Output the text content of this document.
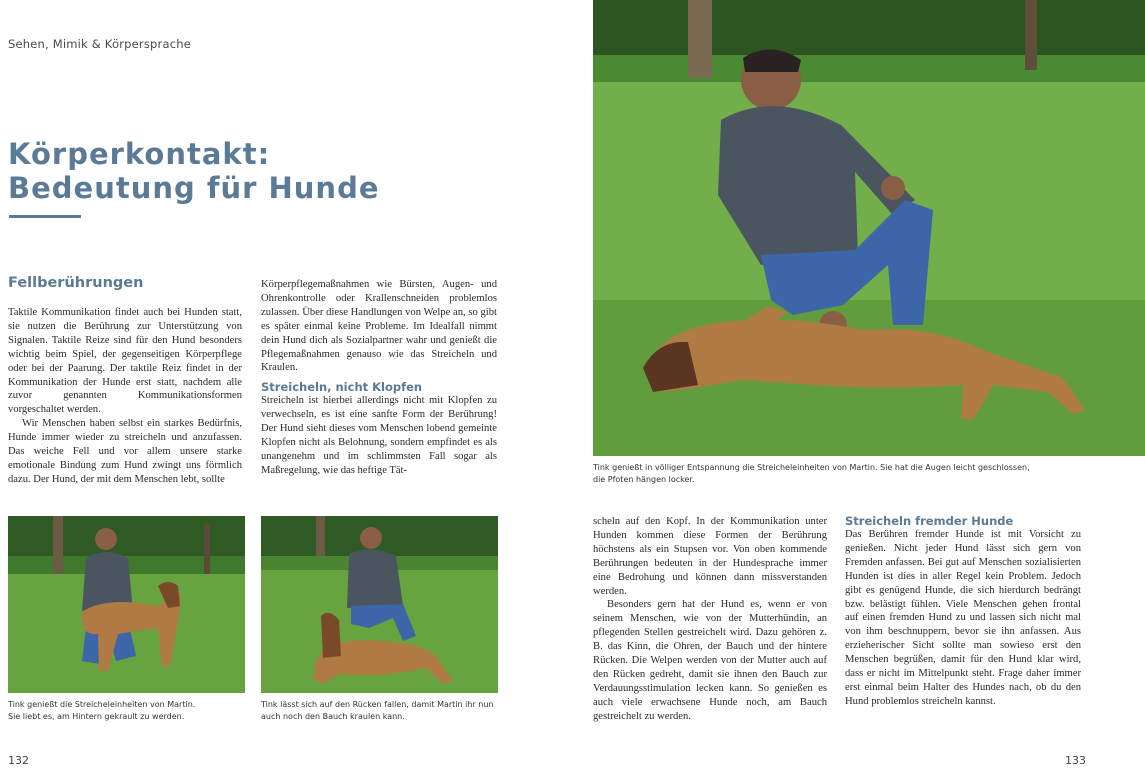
Sehen, Mimik & Körpersprache
Körperkontakt:
Bedeutung für Hunde
Fellberührungen

Taktile Kommunikation findet auch bei Hunden statt, sie nutzen die Berührung zur Unterstützung von Signalen. Taktile Reize sind für den Hund besonders wichtig beim Spiel, der gegenseitigen Körperpflege oder bei der Paarung. Der taktile Reiz findet in der Kommunikation der Hunde erst statt, nachdem alle zuvor genannten Kommunikationsformen vorgeschaltet werden.

Wir Menschen haben selbst ein starkes Bedürfnis, Hunde immer wieder zu streicheln und anzufassen. Das weiche Fell und vor allem unsere starke emotionale Bindung zum Hund zwingt uns förmlich dazu. Der Hund, der mit dem Menschen lebt, sollte

Körperpflegemaßnahmen wie Bürsten, Augen- und Ohrenkontrolle oder Krallenschneiden problemlos zulassen. Über diese Handlungen von Welpe an, so gibt es später einmal keine Probleme. Im Idealfall nimmt dein Hund dich als Sozialpartner wahr und genießt die Pflegemaßnahmen genauso wie das Streicheln und Kraulen.

Streicheln, nicht Klopfen

Streicheln ist hierbei allerdings nicht mit Klopfen zu verwechseln, es ist eine sanfte Form der Berührung! Der Hund sieht dieses vom Menschen lobend gemeinte Klopfen nicht als Belohnung, sondern empfindet es als unangenehm und im schlimmsten Fall sogar als Maßregelung, wie das heftige Tät-

Tink genießt die Streicheleinheiten von Martin.
Sie liebt es, am Hintern gekrault zu werden.
Tink lässt sich auf den Rücken fallen, damit Martin ihr nun
auch noch den Bauch kraulen kann.
132
Tink genießt in völliger Entspannung die Streicheleinheiten von Martin. Sie hat die Augen leicht geschlossen,
die Pfoten hängen locker.

scheln auf den Kopf. In der Kommunikation unter Hunden kommen diese Formen der Berührung höchstens als ein Stupsen vor. Von oben kommende Berührungen bedeuten in der Hundesprache immer eine Bedrohung und können dann missverstanden werden.

Besonders gern hat der Hund es, wenn er von seinem Menschen, wie von der Mutterhündin, an pflegenden Stellen gestreichelt wird. Dazu gehören z. B. das Kinn, die Ohren, der Bauch und der hintere Rücken. Die Welpen werden von der Mutter auch auf den Rücken gedreht, damit sie ihnen den Bauch zur Verdauungsstimulation lecken kann. So genießen es auch viele erwachsene Hunde noch, am Bauch gestreichelt zu werden.

Streicheln fremder Hunde

Das Berühren fremder Hunde ist mit Vorsicht zu genießen. Nicht jeder Hund lässt sich gern von Fremden anfassen. Bei gut auf Menschen sozialisierten Hunden ist dies in aller Regel kein Problem. Jedoch gibt es genügend Hunde, die sich hierdurch bedrängt bzw. belästigt fühlen. Viele Menschen gehen frontal auf einen fremden Hund zu und lassen sich nicht mal von ihm beschnuppern, bevor sie ihn anfassen. Aus erzieherischer Sicht sollte man sowieso erst den Menschen begrüßen, damit für den Hund klar wird, dass er nicht im Mittelpunkt steht. Frage daher immer erst einmal beim Halter des Hundes nach, ob du den Hund problemlos streicheln kannst.

133
